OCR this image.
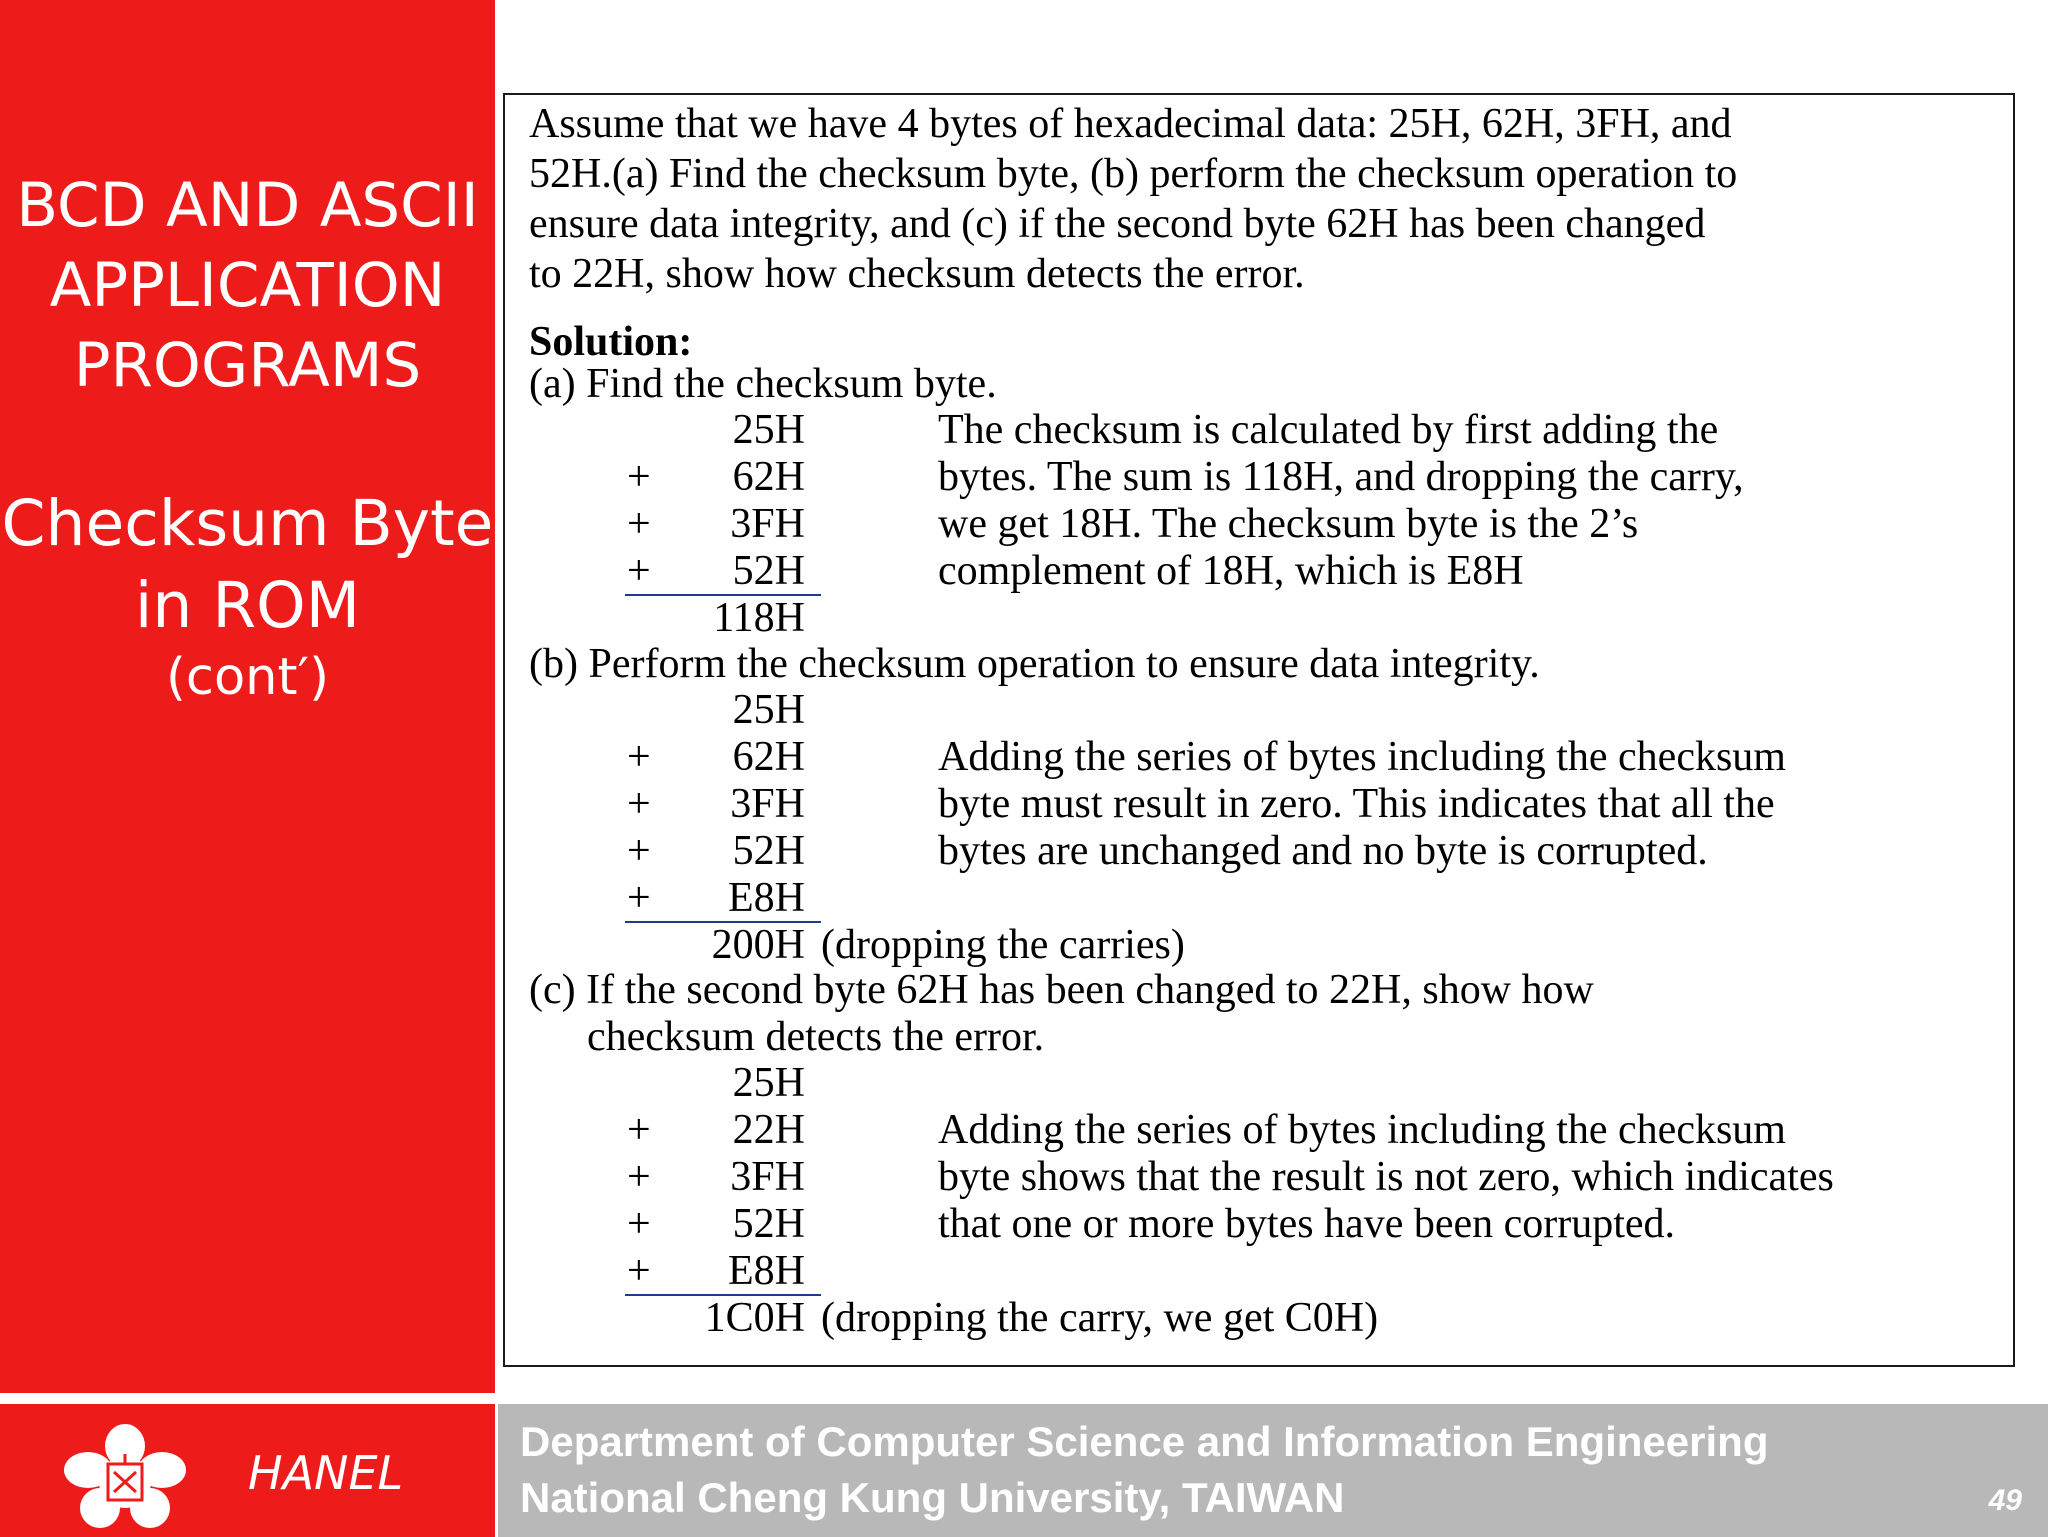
BCD AND ASCII
APPLICATION
PROGRAMS
Checksum Byte
in ROM
(cont′)
Assume that we have 4 bytes of hexadecimal data: 25H, 62H, 3FH, and
52H.(a) Find the checksum byte, (b) perform the checksum operation to
ensure data integrity, and (c) if the second byte 62H has been changed
to 22H, show how checksum detects the error.
Solution:
(a) Find the checksum byte.
25H	The checksum is calculated by first adding the
+ 62H	bytes. The sum is 118H, and dropping the carry,
+ 3FH	we get 18H. The checksum byte is the 2’s
+ 52H	complement of 18H, which is E8H
118H
(b) Perform the checksum operation to ensure data integrity.
25H
+ 62H	Adding the series of bytes including the checksum
+ 3FH	byte must result in zero. This indicates that all the
+ 52H	bytes are unchanged and no byte is corrupted.
+ E8H
200H (dropping the carries)
(c) If the second byte 62H has been changed to 22H, show how
checksum detects the error.
25H
+ 22H	Adding the series of bytes including the checksum
+ 3FH	byte shows that the result is not zero, which indicates
+ 52H	that one or more bytes have been corrupted.
+ E8H
1C0H (dropping the carry, we get C0H)
HANEL
Department of Computer Science and Information Engineering
National Cheng Kung University, TAIWAN	49
